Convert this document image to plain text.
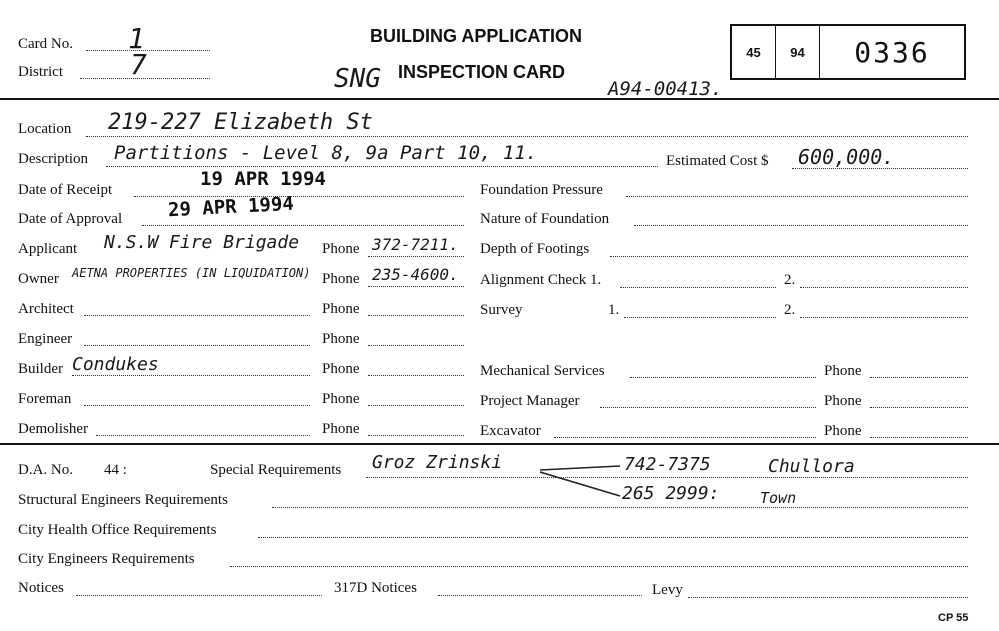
Card No. 1
District 7
BUILDING APPLICATION
INSPECTION CARD
SNG	A94-00413.
45	94	0336
Location 219-227 Elizabeth St
Description Partitions - Level 8, 9a Part 10, 11.	Estimated Cost $ 600,000.
Date of Receipt	19 APR 1994
Date of Approval 29 APR 1994
Applicant N.S.W Fire Brigade Phone 372-7211.
Owner AETNA PROPERTIES (IN LIQUIDATION) Phone 235-4600.
Architect	Phone
Engineer	Phone
Builder Condukes	Phone
Foreman	Phone
Demolisher	Phone
Foundation Pressure
Nature of Foundation
Depth of Footings
Alignment Check 1.	2.
Survey	1.	2.
Mechanical Services	Phone
Project Manager	Phone
Excavator	Phone
D.A. No. 44 :	Special Requirements Groz Zrinski	742-7375	Chullora
265 2999:	Town
Structural Engineers Requirements
City Health Office Requirements
City Engineers Requirements
Notices	317D Notices	Levy
CP 55
